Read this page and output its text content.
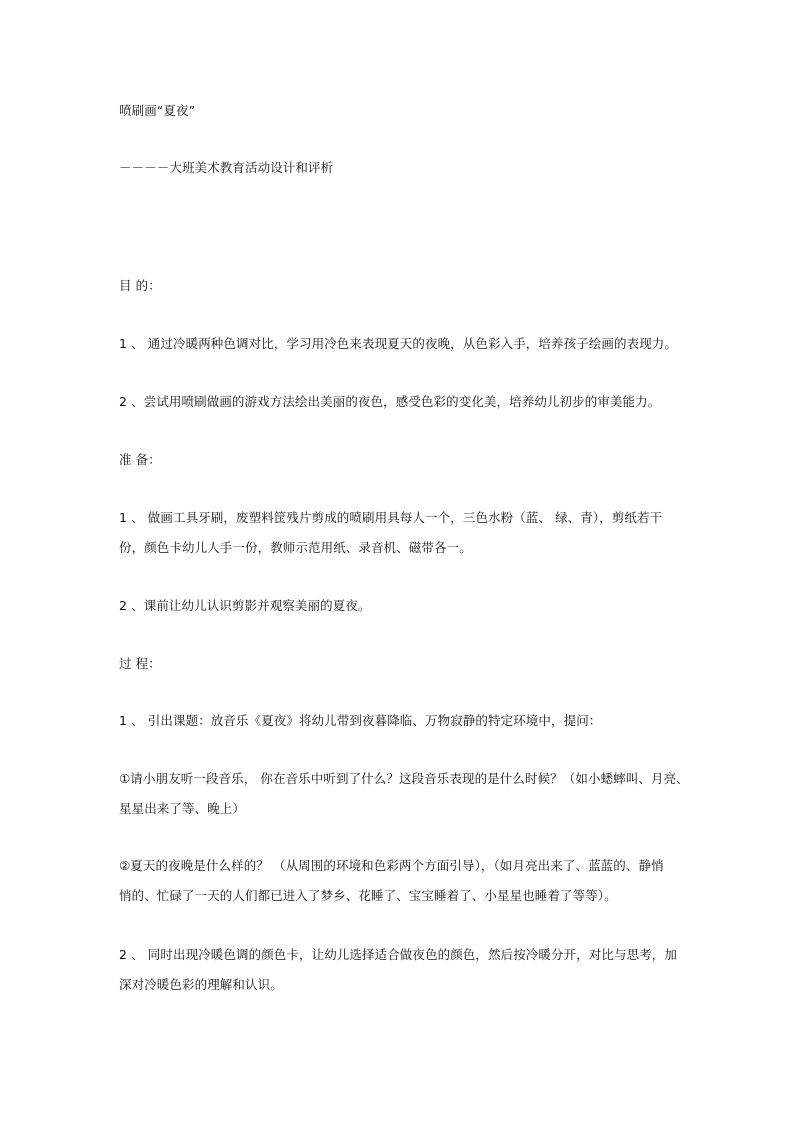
喷刷画“夏夜”
－－－－大班美术教育活动设计和评析
目 的：
1 、 通过冷暖两种色调对比，学习用冷色来表现夏天的夜晚，从色彩入手，培养孩子绘画的表现力。
2 、尝试用喷刷做画的游戏方法绘出美丽的夜色，感受色彩的变化美，培养幼儿初步的审美能力。
准 备：
1 、 做画工具牙刷，废塑料筐残片剪成的喷刷用具每人一个，三色水粉（蓝、 绿、青），剪纸若干
份，颜色卡幼儿人手一份，教师示范用纸、录音机、磁带各一。
2 、课前让幼儿认识剪影并观察美丽的夏夜。
过 程：
1 、 引出课题：放音乐《夏夜》将幼儿带到夜暮降临、万物寂静的特定环境中，提问：
①请小朋友听一段音乐， 你在音乐中听到了什么？这段音乐表现的是什么时候？（如小蟋蟀叫、月亮、
星星出来了等、晚上）
②夏天的夜晚是什么样的？ （从周围的环境和色彩两个方面引导），（如月亮出来了、蓝蓝的、静悄
悄的、忙碌了一天的人们都已进入了梦乡、花睡了、宝宝睡着了、小星星也睡着了等等）。
2 、 同时出现冷暖色调的颜色卡，让幼儿选择适合做夜色的颜色，然后按冷暖分开，对比与思考，加
深对冷暖色彩的理解和认识。
